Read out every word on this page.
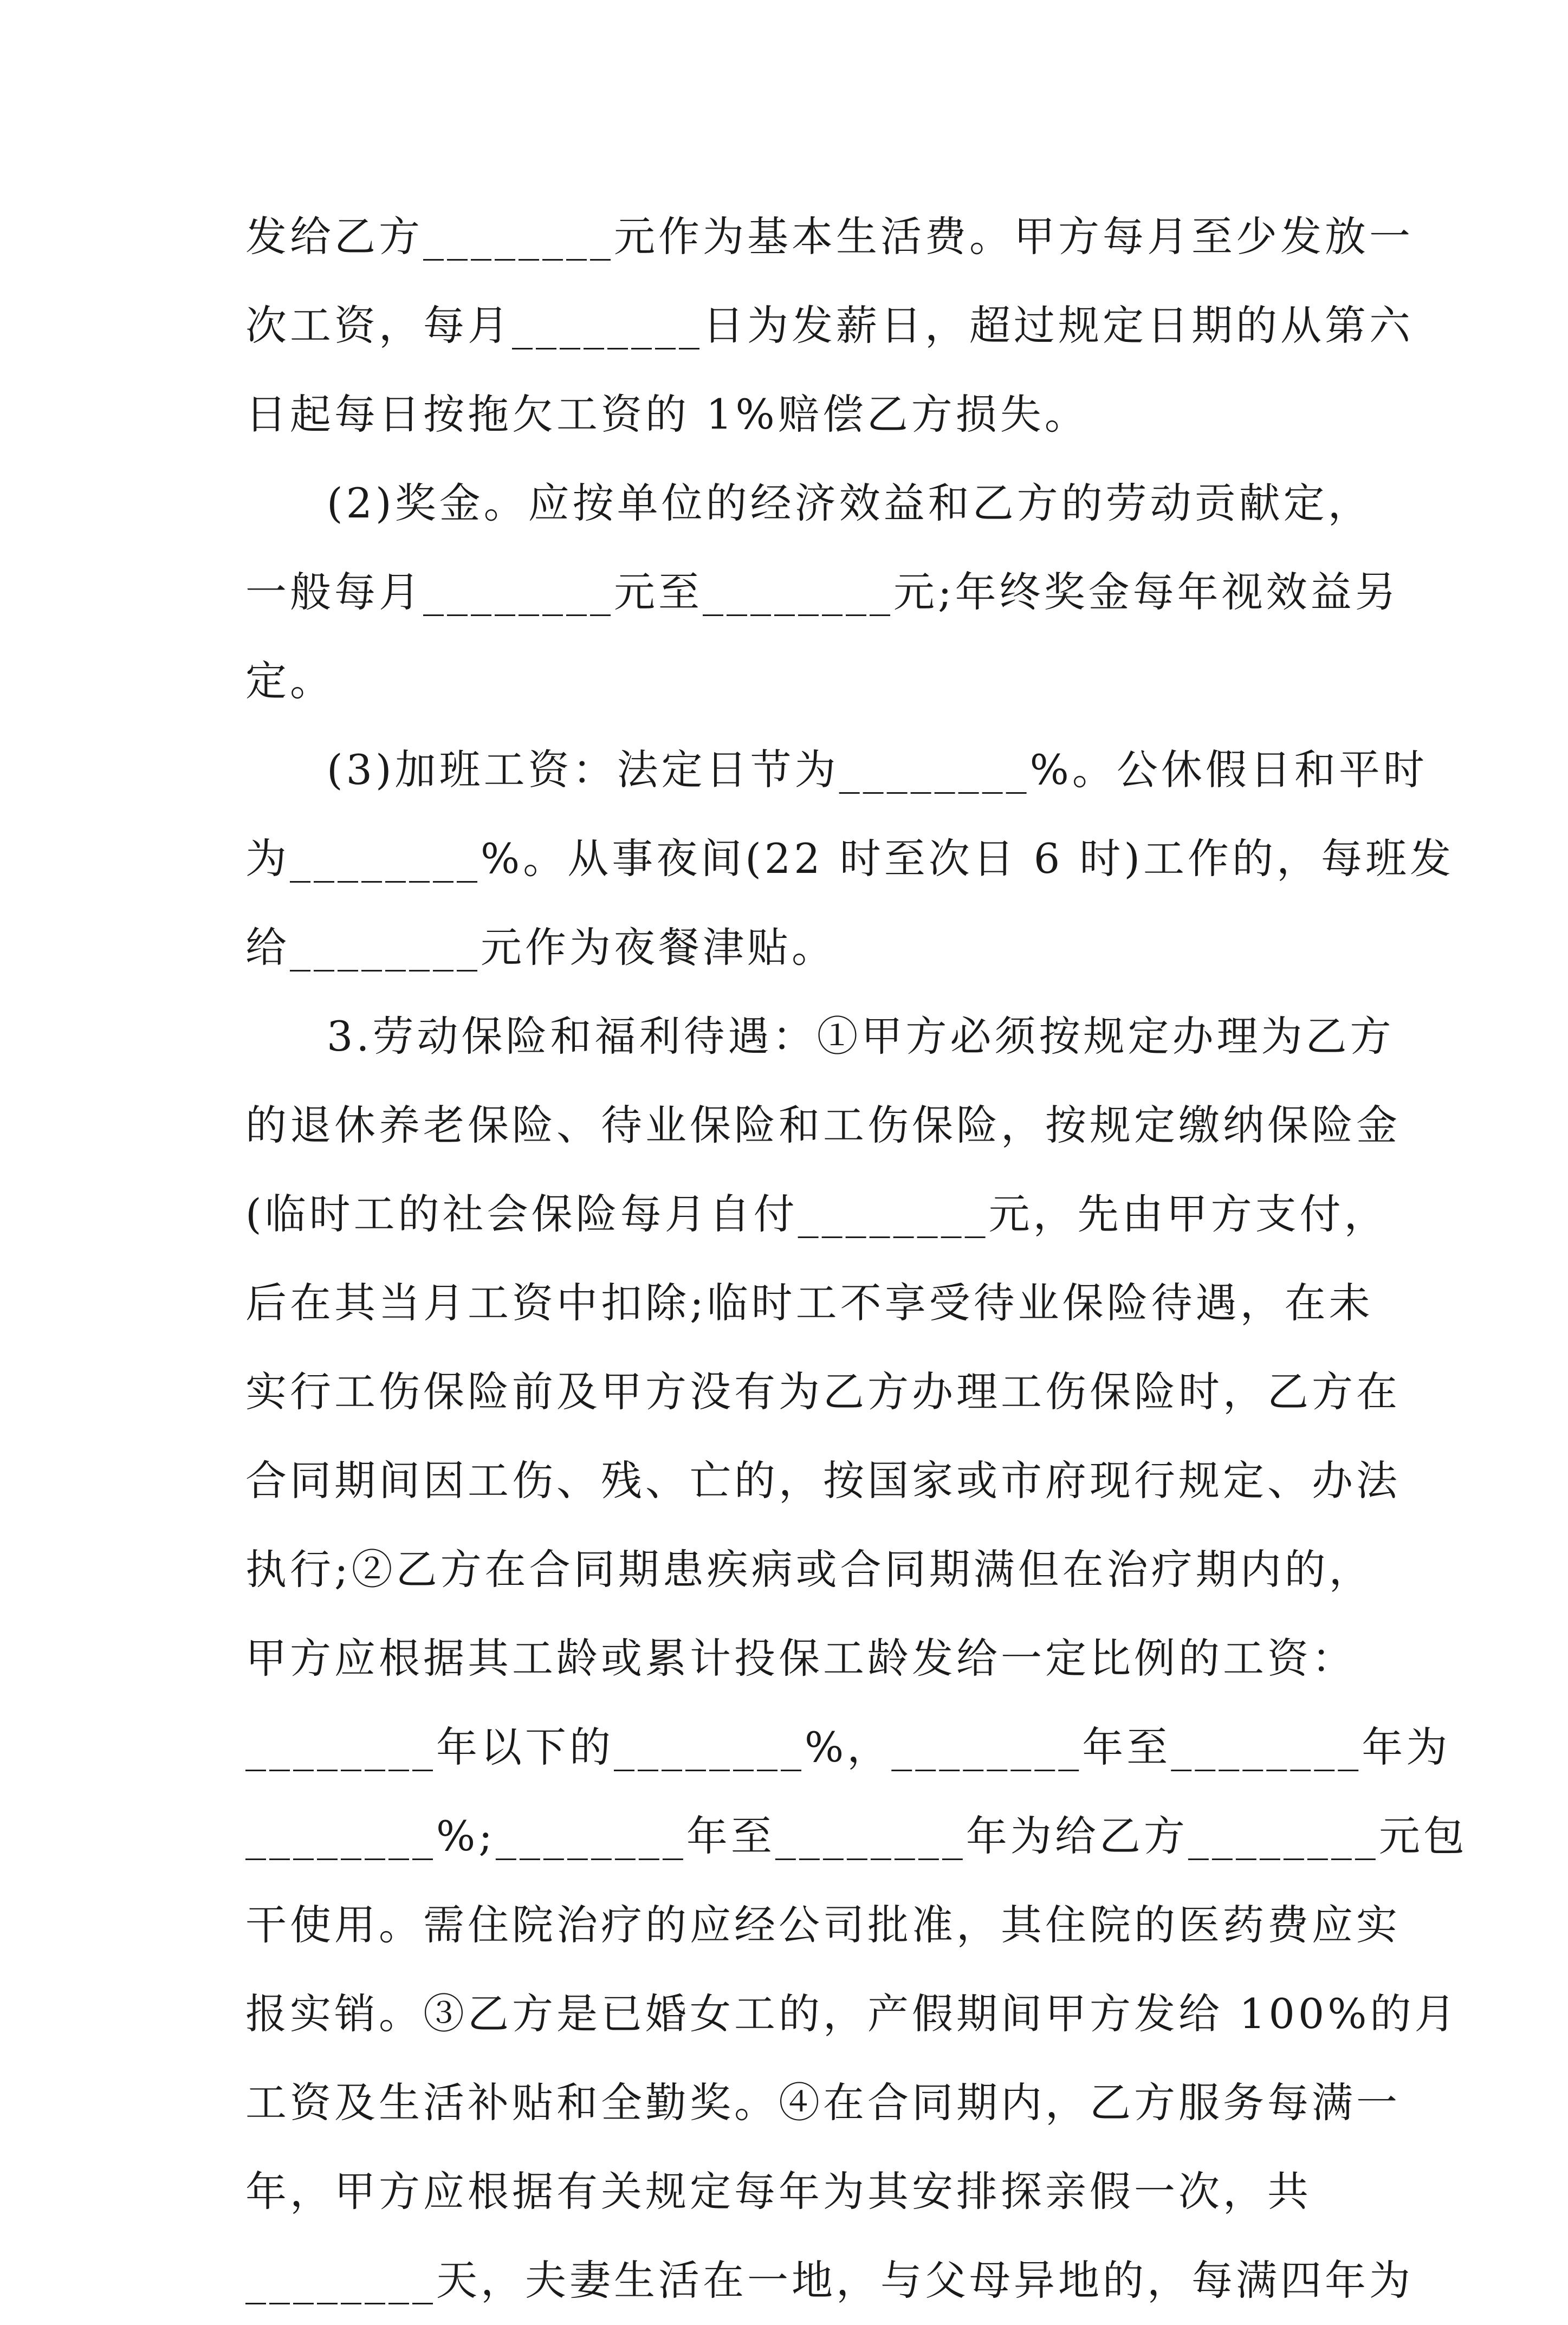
发给乙方________元作为基本生活费。甲方每月至少发放一
次工资，每月________日为发薪日，超过规定日期的从第六
日起每日按拖欠工资的 1%赔偿乙方损失。
(2)奖金。应按单位的经济效益和乙方的劳动贡献定，
一般每月________元至________元;年终奖金每年视效益另
定。
(3)加班工资：法定日节为________%。公休假日和平时
为________%。从事夜间(22 时至次日 6 时)工作的，每班发
给________元作为夜餐津贴。
3.劳动保险和福利待遇：①甲方必须按规定办理为乙方
的退休养老保险、待业保险和工伤保险，按规定缴纳保险金
(临时工的社会保险每月自付________元，先由甲方支付，
后在其当月工资中扣除;临时工不享受待业保险待遇，在未
实行工伤保险前及甲方没有为乙方办理工伤保险时，乙方在
合同期间因工伤、残、亡的，按国家或市府现行规定、办法
执行;②乙方在合同期患疾病或合同期满但在治疗期内的，
甲方应根据其工龄或累计投保工龄发给一定比例的工资：
________年以下的________%，________年至________年为
________%;________年至________年为给乙方________元包
干使用。需住院治疗的应经公司批准，其住院的医药费应实
报实销。③乙方是已婚女工的，产假期间甲方发给 100%的月
工资及生活补贴和全勤奖。④在合同期内，乙方服务每满一
年，甲方应根据有关规定每年为其安排探亲假一次，共
________天，夫妻生活在一地，与父母异地的，每满四年为
